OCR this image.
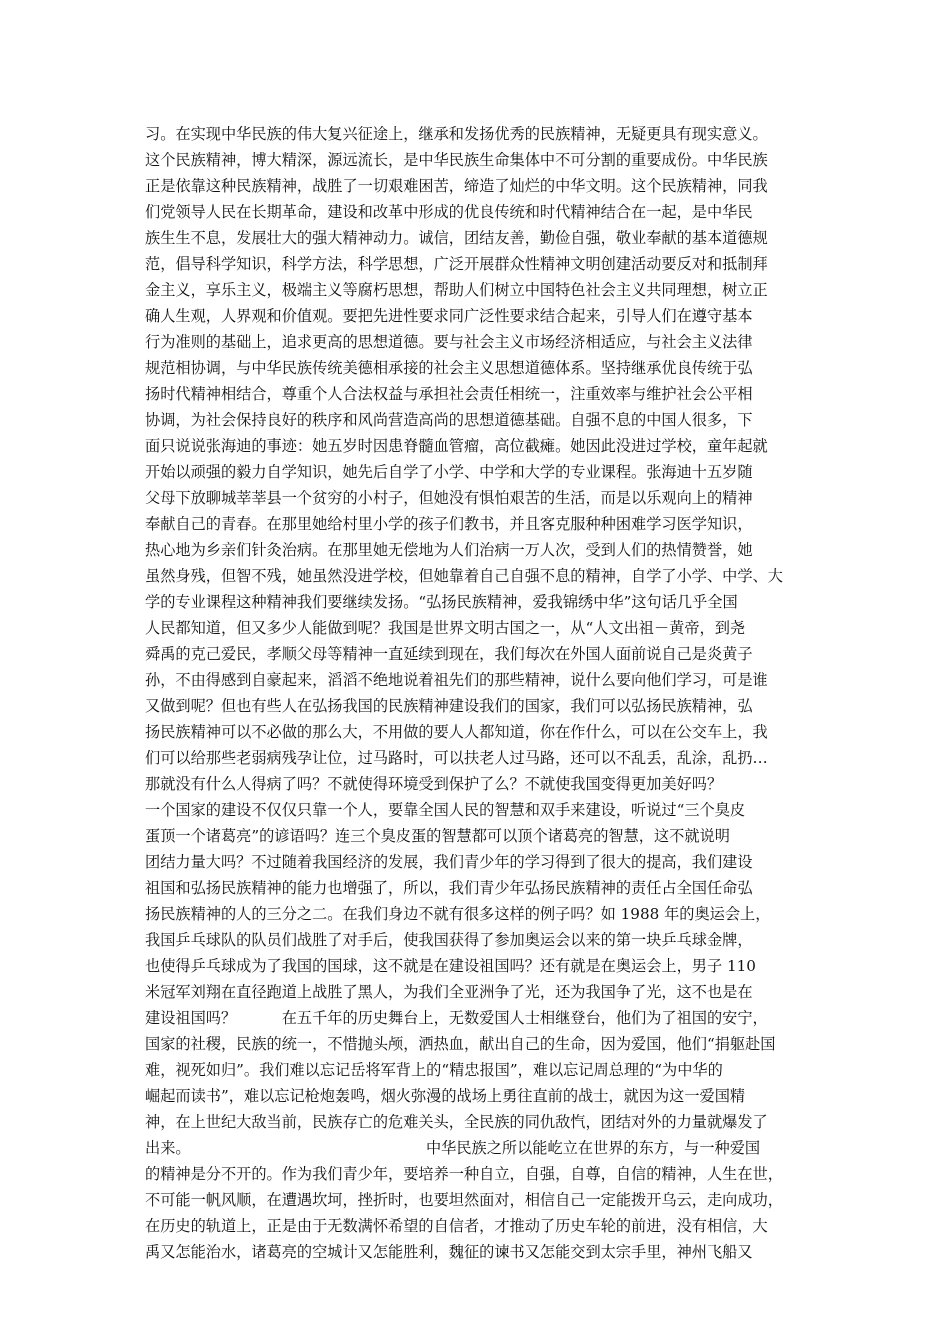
习。在实现中华民族的伟大复兴征途上，继承和发扬优秀的民族精神，无疑更具有现实意义。
这个民族精神，博大精深，源远流长，是中华民族生命集体中不可分割的重要成份。中华民族
正是依靠这种民族精神，战胜了一切艰难困苦，缔造了灿烂的中华文明。这个民族精神，同我
们党领导人民在长期革命，建设和改革中形成的优良传统和时代精神结合在一起，是中华民
族生生不息，发展壮大的强大精神动力。诚信，团结友善，勤俭自强，敬业奉献的基本道德规
范，倡导科学知识，科学方法，科学思想，广泛开展群众性精神文明创建活动要反对和抵制拜
金主义，享乐主义，极端主义等腐朽思想，帮助人们树立中国特色社会主义共同理想，树立正
确人生观，人界观和价值观。要把先进性要求同广泛性要求结合起来，引导人们在遵守基本
行为准则的基础上，追求更高的思想道德。要与社会主义市场经济相适应，与社会主义法律
规范相协调，与中华民族传统美德相承接的社会主义思想道德体系。坚持继承优良传统于弘
扬时代精神相结合，尊重个人合法权益与承担社会责任相统一，注重效率与维护社会公平相
协调，为社会保持良好的秩序和风尚营造高尚的思想道德基础。自强不息的中国人很多，下
面只说说张海迪的事迹：她五岁时因患脊髓血管瘤，高位截瘫。她因此没进过学校，童年起就
开始以顽强的毅力自学知识，她先后自学了小学、中学和大学的专业课程。张海迪十五岁随
父母下放聊城莘莘县一个贫穷的小村子，但她没有惧怕艰苦的生活，而是以乐观向上的精神
奉献自己的青春。在那里她给村里小学的孩子们教书，并且客克服种种困难学习医学知识，
热心地为乡亲们针灸治病。在那里她无偿地为人们治病一万人次，受到人们的热情赞誉，她
虽然身残，但智不残，她虽然没进学校，但她靠着自己自强不息的精神，自学了小学、中学、大
学的专业课程这种精神我们要继续发扬。“弘扬民族精神，爱我锦绣中华”这句话几乎全国
人民都知道，但又多少人能做到呢？我国是世界文明古国之一，从“人文出祖－黄帝，到尧
舜禹的克己爱民，孝顺父母等精神一直延续到现在，我们每次在外国人面前说自己是炎黄子
孙，不由得感到自豪起来，滔滔不绝地说着祖先们的那些精神，说什么要向他们学习，可是谁
又做到呢？但也有些人在弘扬我国的民族精神建设我们的国家，我们可以弘扬民族精神，弘
扬民族精神可以不必做的那么大，不用做的要人人都知道，你在作什么，可以在公交车上，我
们可以给那些老弱病残孕让位，过马路时，可以扶老人过马路，还可以不乱丢，乱涂，乱扔…
那就没有什么人得病了吗？不就使得环境受到保护了么？不就使我国变得更加美好吗？
一个国家的建设不仅仅只靠一个人，要靠全国人民的智慧和双手来建设，听说过“三个臭皮
蛋顶一个诸葛亮”的谚语吗？连三个臭皮蛋的智慧都可以顶个诸葛亮的智慧，这不就说明
团结力量大吗？不过随着我国经济的发展，我们青少年的学习得到了很大的提高，我们建设
祖国和弘扬民族精神的能力也增强了，所以，我们青少年弘扬民族精神的责任占全国任命弘
扬民族精神的人的三分之二。在我们身边不就有很多这样的例子吗？如 1988 年的奥运会上，
我国乒乓球队的队员们战胜了对手后，使我国获得了参加奥运会以来的第一块乒乓球金牌，
也使得乒乓球成为了我国的国球，这不就是在建设祖国吗？还有就是在奥运会上，男子 110
米冠军刘翔在直径跑道上战胜了黑人，为我们全亚洲争了光，还为我国争了光，这不也是在
建设祖国吗？　　　在五千年的历史舞台上，无数爱国人士相继登台，他们为了祖国的安宁，
国家的社稷，民族的统一，不惜抛头颅，洒热血，献出自己的生命，因为爱国，他们“捐躯赴国
难，视死如归”。我们难以忘记岳将军背上的“精忠报国”，难以忘记周总理的“为中华的
崛起而读书”，难以忘记枪炮轰鸣，烟火弥漫的战场上勇往直前的战士，就因为这一爱国精
神，在上世纪大敌当前，民族存亡的危难关头，全民族的同仇敌忾，团结对外的力量就爆发了
出来。　　　　　　　　　　　　　　　　中华民族之所以能屹立在世界的东方，与一种爱国
的精神是分不开的。作为我们青少年，要培养一种自立，自强，自尊，自信的精神，人生在世，
不可能一帆风顺，在遭遇坎坷，挫折时，也要坦然面对，相信自己一定能拨开乌云，走向成功，
在历史的轨道上，正是由于无数满怀希望的自信者，才推动了历史车轮的前进，没有相信，大
禹又怎能治水，诸葛亮的空城计又怎能胜利，魏征的谏书又怎能交到太宗手里，神州飞船又
